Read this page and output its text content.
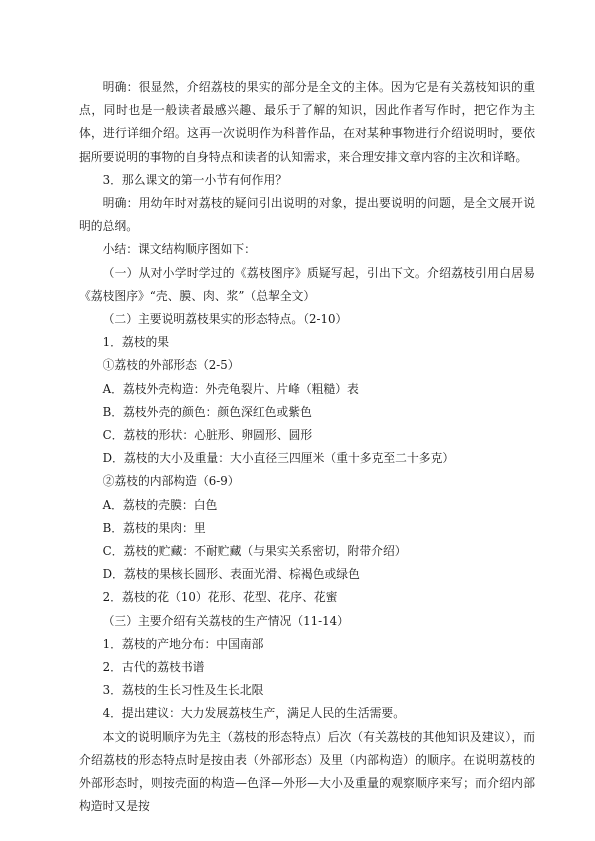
明确：很显然，介绍荔枝的果实的部分是全文的主体。因为它是有关荔枝知识的重点，同时也是一般读者最感兴趣、最乐于了解的知识，因此作者写作时，把它作为主体，进行详细介绍。这再一次说明作为科普作品，在对某种事物进行介绍说明时，要依据所要说明的事物的自身特点和读者的认知需求，来合理安排文章内容的主次和详略。

3．那么课文的第一小节有何作用？

明确：用幼年时对荔枝的疑问引出说明的对象，提出要说明的问题，是全文展开说明的总纲。

小结：课文结构顺序图如下：

（一）从对小学时学过的《荔枝图序》质疑写起，引出下文。介绍荔枝引用白居易《荔枝图序》“壳、膜、肉、浆”（总挈全文）

（二）主要说明荔枝果实的形态特点。（2-10）

1．荔枝的果

①荔枝的外部形态（2-5）

A．荔枝外壳构造：外壳龟裂片、片峰（粗糙）表

B．荔枝外壳的颜色：颜色深红色或紫色

C．荔枝的形状：心脏形、卵圆形、圆形

D．荔枝的大小及重量：大小直径三四厘米（重十多克至二十多克）

②荔枝的内部构造（6-9）

A．荔枝的壳膜：白色

B．荔枝的果肉：里

C．荔枝的贮藏：不耐贮藏（与果实关系密切，附带介绍）

D．荔枝的果核长圆形、表面光滑、棕褐色或绿色

2．荔枝的花（10）花形、花型、花序、花蜜

（三）主要介绍有关荔枝的生产情况（11-14）

1．荔枝的产地分布：中国南部

2．古代的荔枝书谱

3．荔枝的生长习性及生长北限

4．提出建议：大力发展荔枝生产，满足人民的生活需要。

本文的说明顺序为先主（荔枝的形态特点）后次（有关荔枝的其他知识及建议），而介绍荔枝的形态特点时是按由表（外部形态）及里（内部构造）的顺序。在说明荔枝的外部形态时，则按壳面的构造—色泽—外形—大小及重量的观察顺序来写；而介绍内部构造时又是按
